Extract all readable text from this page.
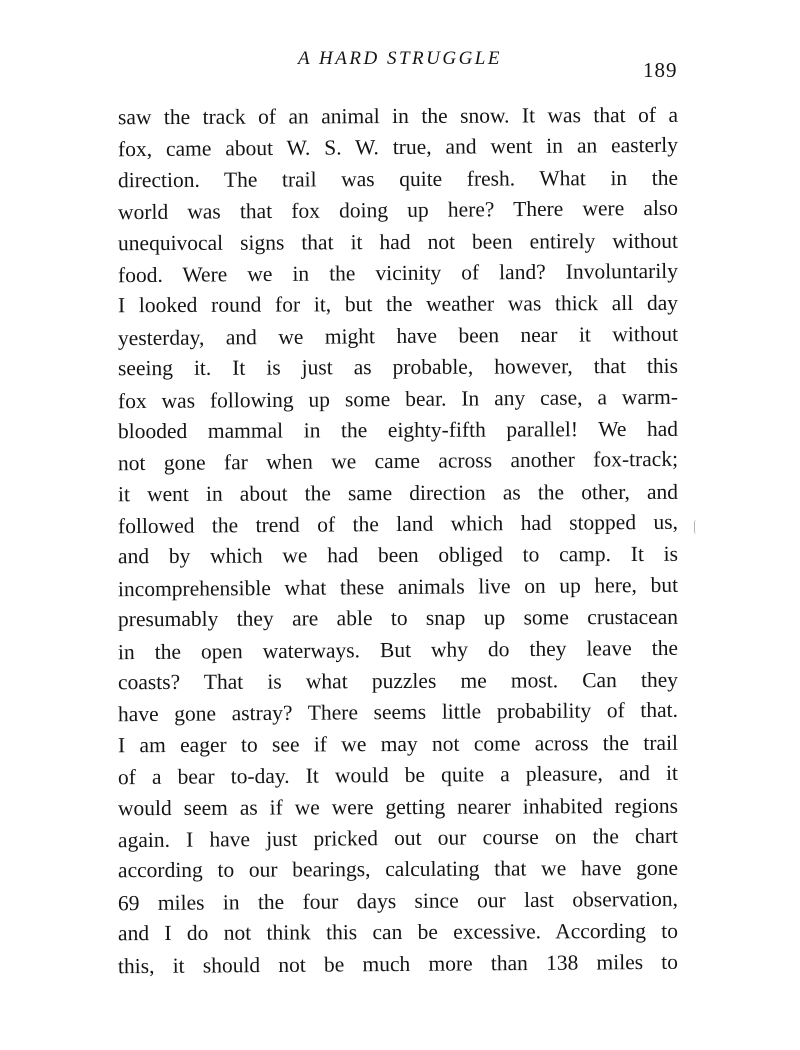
A HARD STRUGGLE	189
saw the track of an animal in the snow. It was that of a
fox, came about W. S. W. true, and went in an easterly
direction. The trail was quite fresh. What in the
world was that fox doing up here? There were also
unequivocal signs that it had not been entirely without
food. Were we in the vicinity of land? Involuntarily
I looked round for it, but the weather was thick all day
yesterday, and we might have been near it without
seeing it. It is just as probable, however, that this
fox was following up some bear. In any case, a warm-
blooded mammal in the eighty-fifth parallel! We had
not gone far when we came across another fox-track;
it went in about the same direction as the other, and
followed the trend of the land which had stopped us,
and by which we had been obliged to camp. It is
incomprehensible what these animals live on up here, but
presumably they are able to snap up some crustacean
in the open waterways. But why do they leave the
coasts? That is what puzzles me most. Can they
have gone astray? There seems little probability of that.
I am eager to see if we may not come across the trail
of a bear to-day. It would be quite a pleasure, and it
would seem as if we were getting nearer inhabited regions
again. I have just pricked out our course on the chart
according to our bearings, calculating that we have gone
69 miles in the four days since our last observation,
and I do not think this can be excessive. According to
this, it should not be much more than 138 miles to
